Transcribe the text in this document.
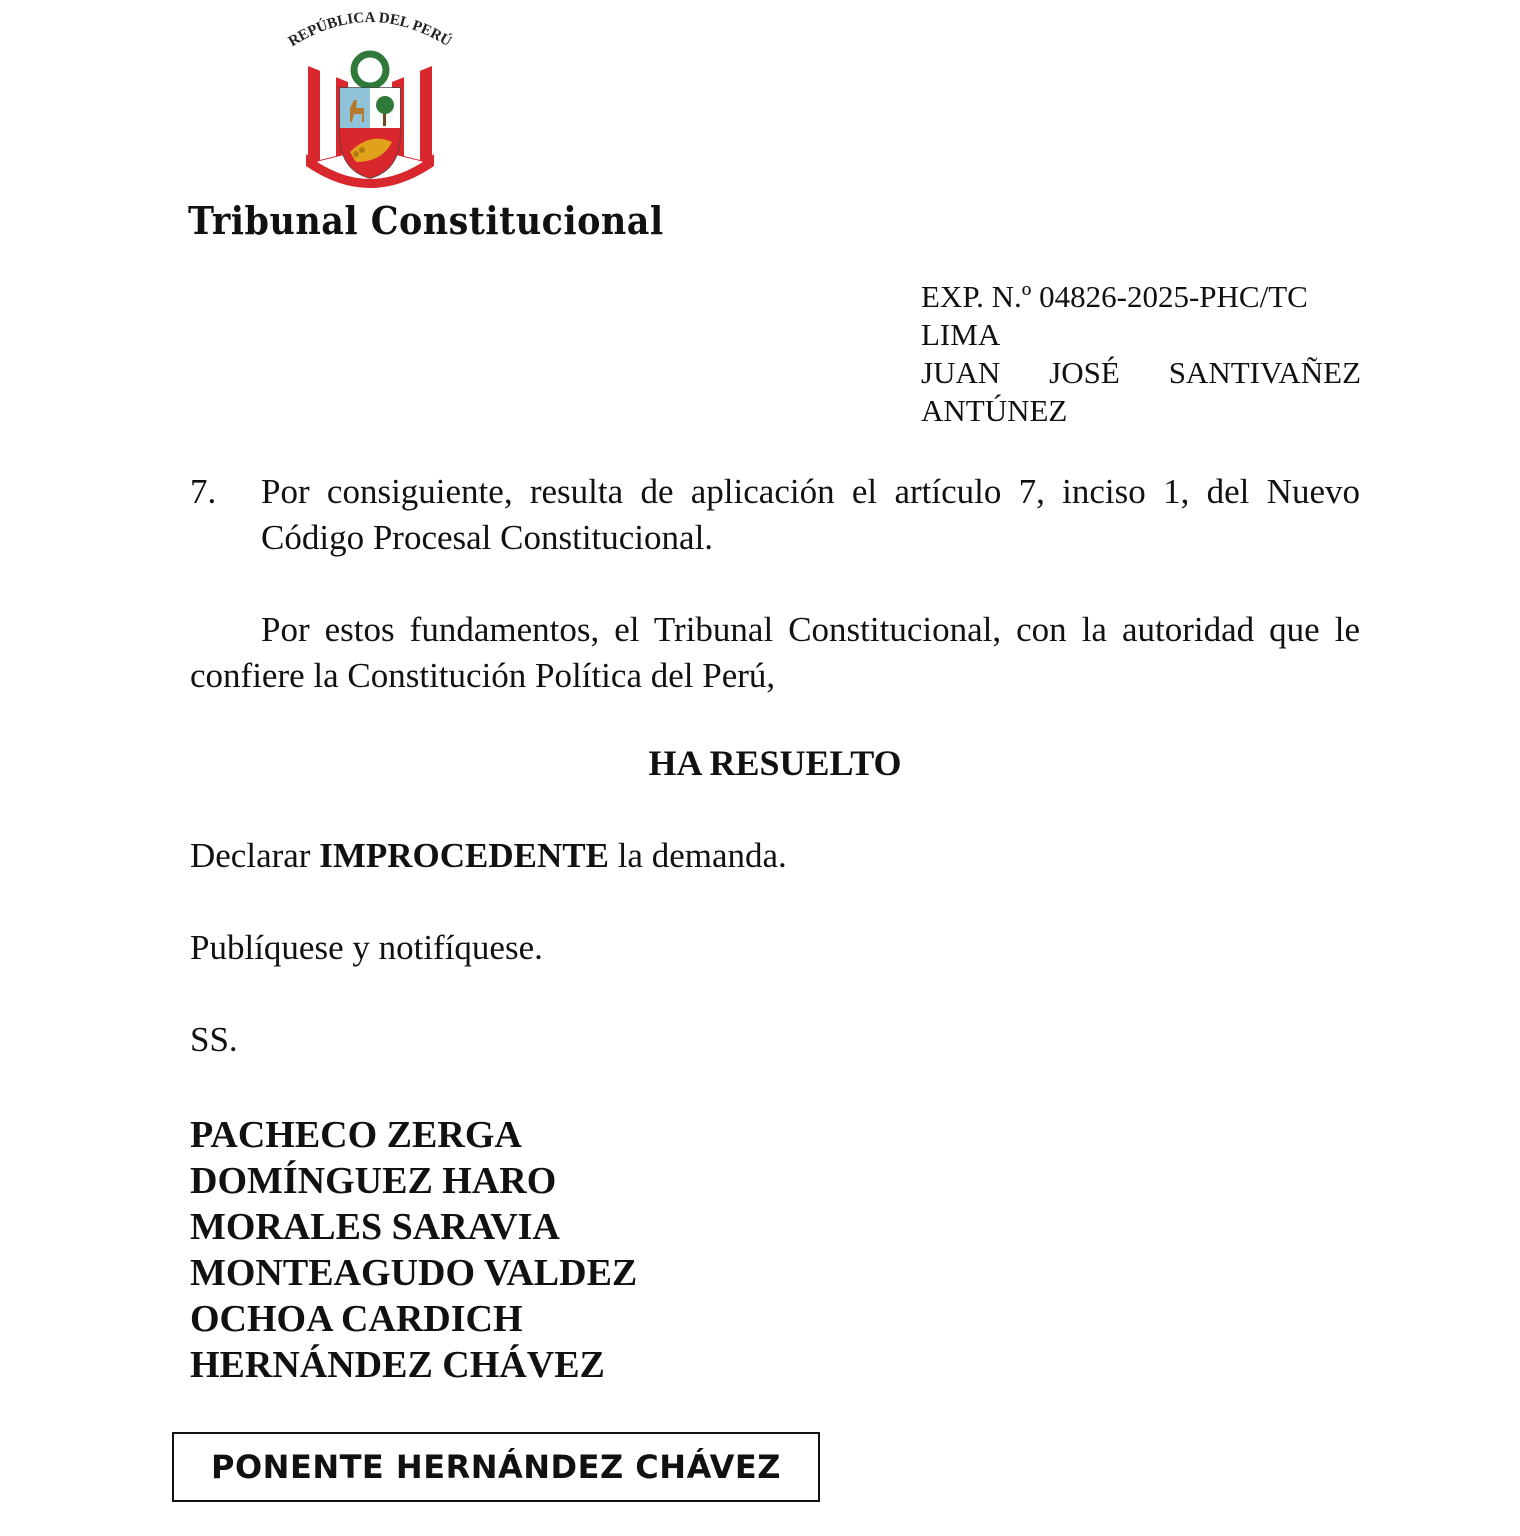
REPÚBLICA DEL PERÚ
Tribunal Constitucional
EXP. N.º 04826-2025-PHC/TC
LIMA
JUAN JOSÉ SANTIVAÑEZ
ANTÚNEZ
7.	Por consiguiente, resulta de aplicación el artículo 7, inciso 1, del Nuevo Código Procesal Constitucional.
Por estos fundamentos, el Tribunal Constitucional, con la autoridad que le confiere la Constitución Política del Perú,
HA RESUELTO
Declarar IMPROCEDENTE la demanda.
Publíquese y notifíquese.
SS.
PACHECO ZERGA
DOMÍNGUEZ HARO
MORALES SARAVIA
MONTEAGUDO VALDEZ
OCHOA CARDICH
HERNÁNDEZ CHÁVEZ
PONENTE HERNÁNDEZ CHÁVEZ
